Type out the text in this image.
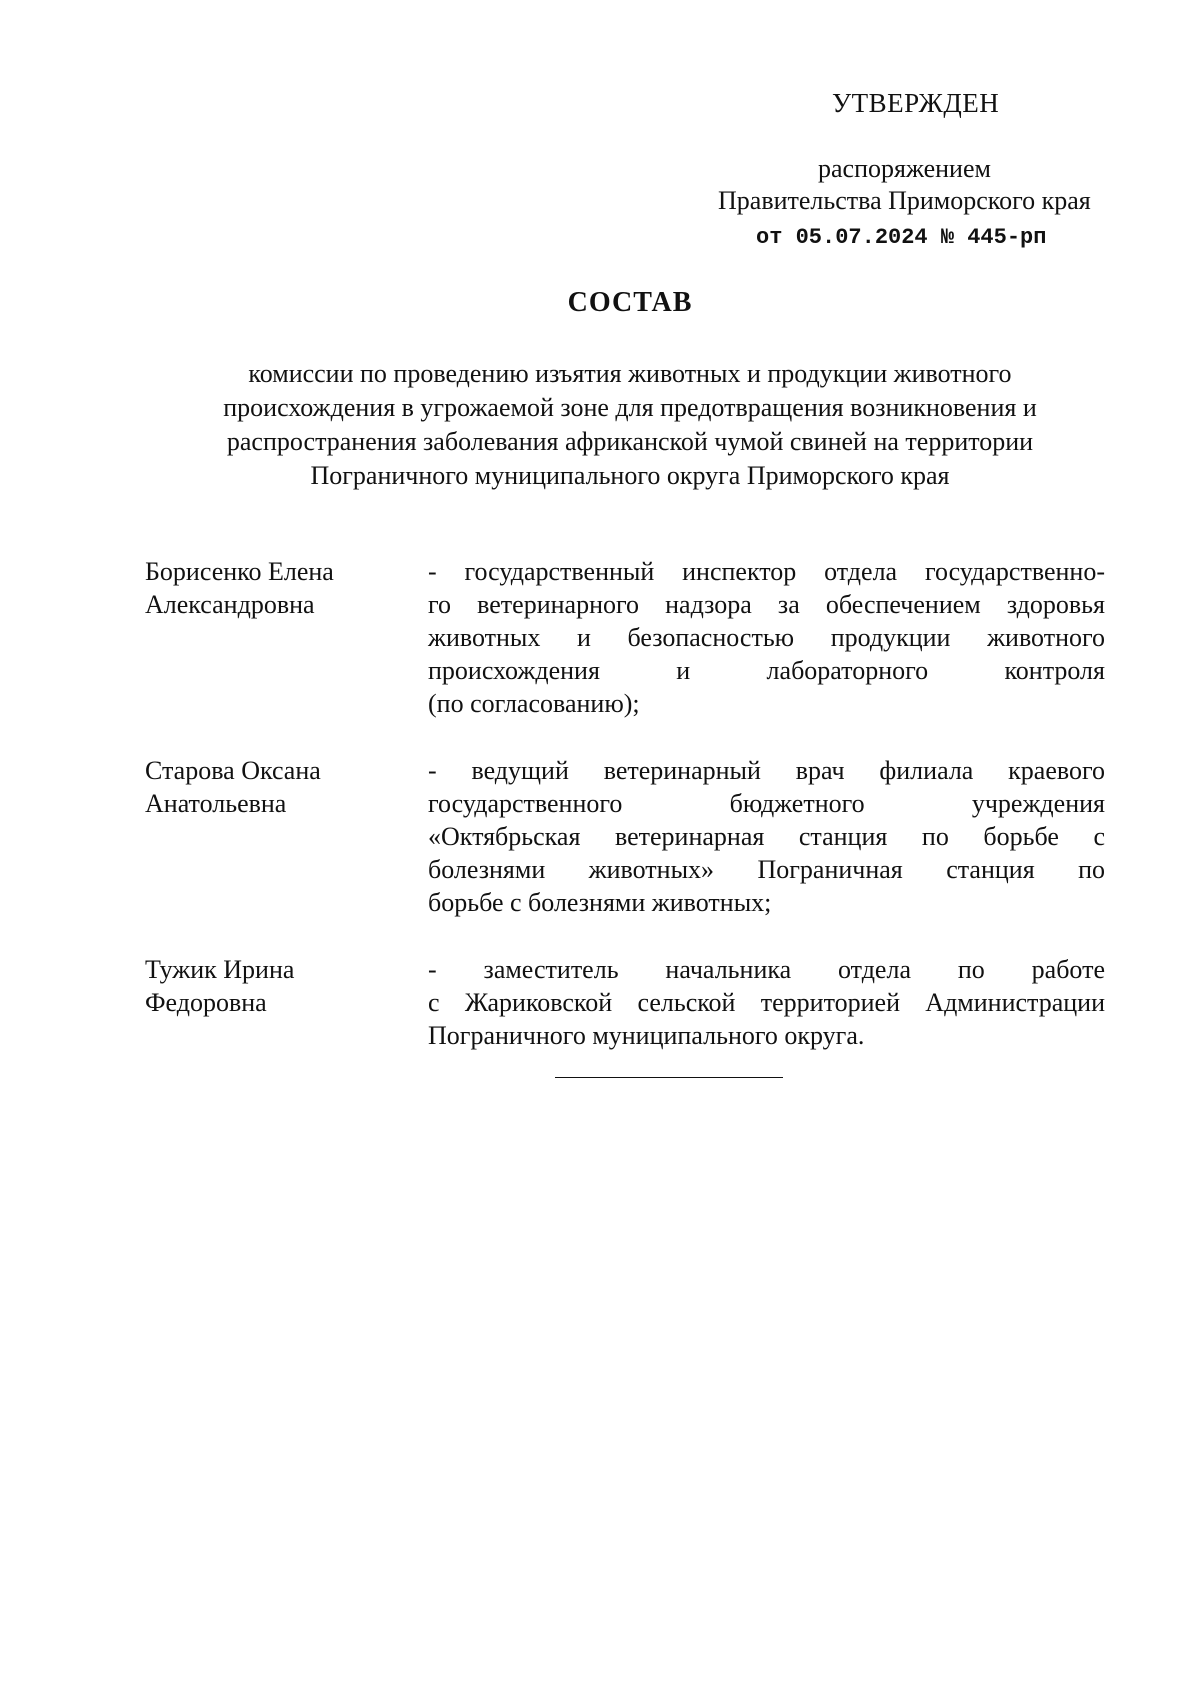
УТВЕРЖДЕН
распоряжением
Правительства Приморского края
от 05.07.2024 № 445-рп
СОСТАВ
комиссии по проведению изъятия животных и продукции животного
происхождения в угрожаемой зоне для предотвращения возникновения и
распространения заболевания африканской чумой свиней на территории
Пограничного муниципального округа Приморского края
Борисенко Елена
Александровна
- государственный инспектор отдела государственно-
го ветеринарного надзора за обеспечением здоровья
животных и безопасностью продукции животного
происхождения и лабораторного контроля
(по согласованию);
Старова Оксана
Анатольевна
- ведущий ветеринарный врач филиала краевого
государственного бюджетного учреждения
«Октябрьская ветеринарная станция по борьбе с
болезнями животных» Пограничная станция по
борьбе с болезнями животных;
Тужик Ирина
Федоровна
- заместитель начальника отдела по работе
с Жариковской сельской территорией Администрации
Пограничного муниципального округа.
